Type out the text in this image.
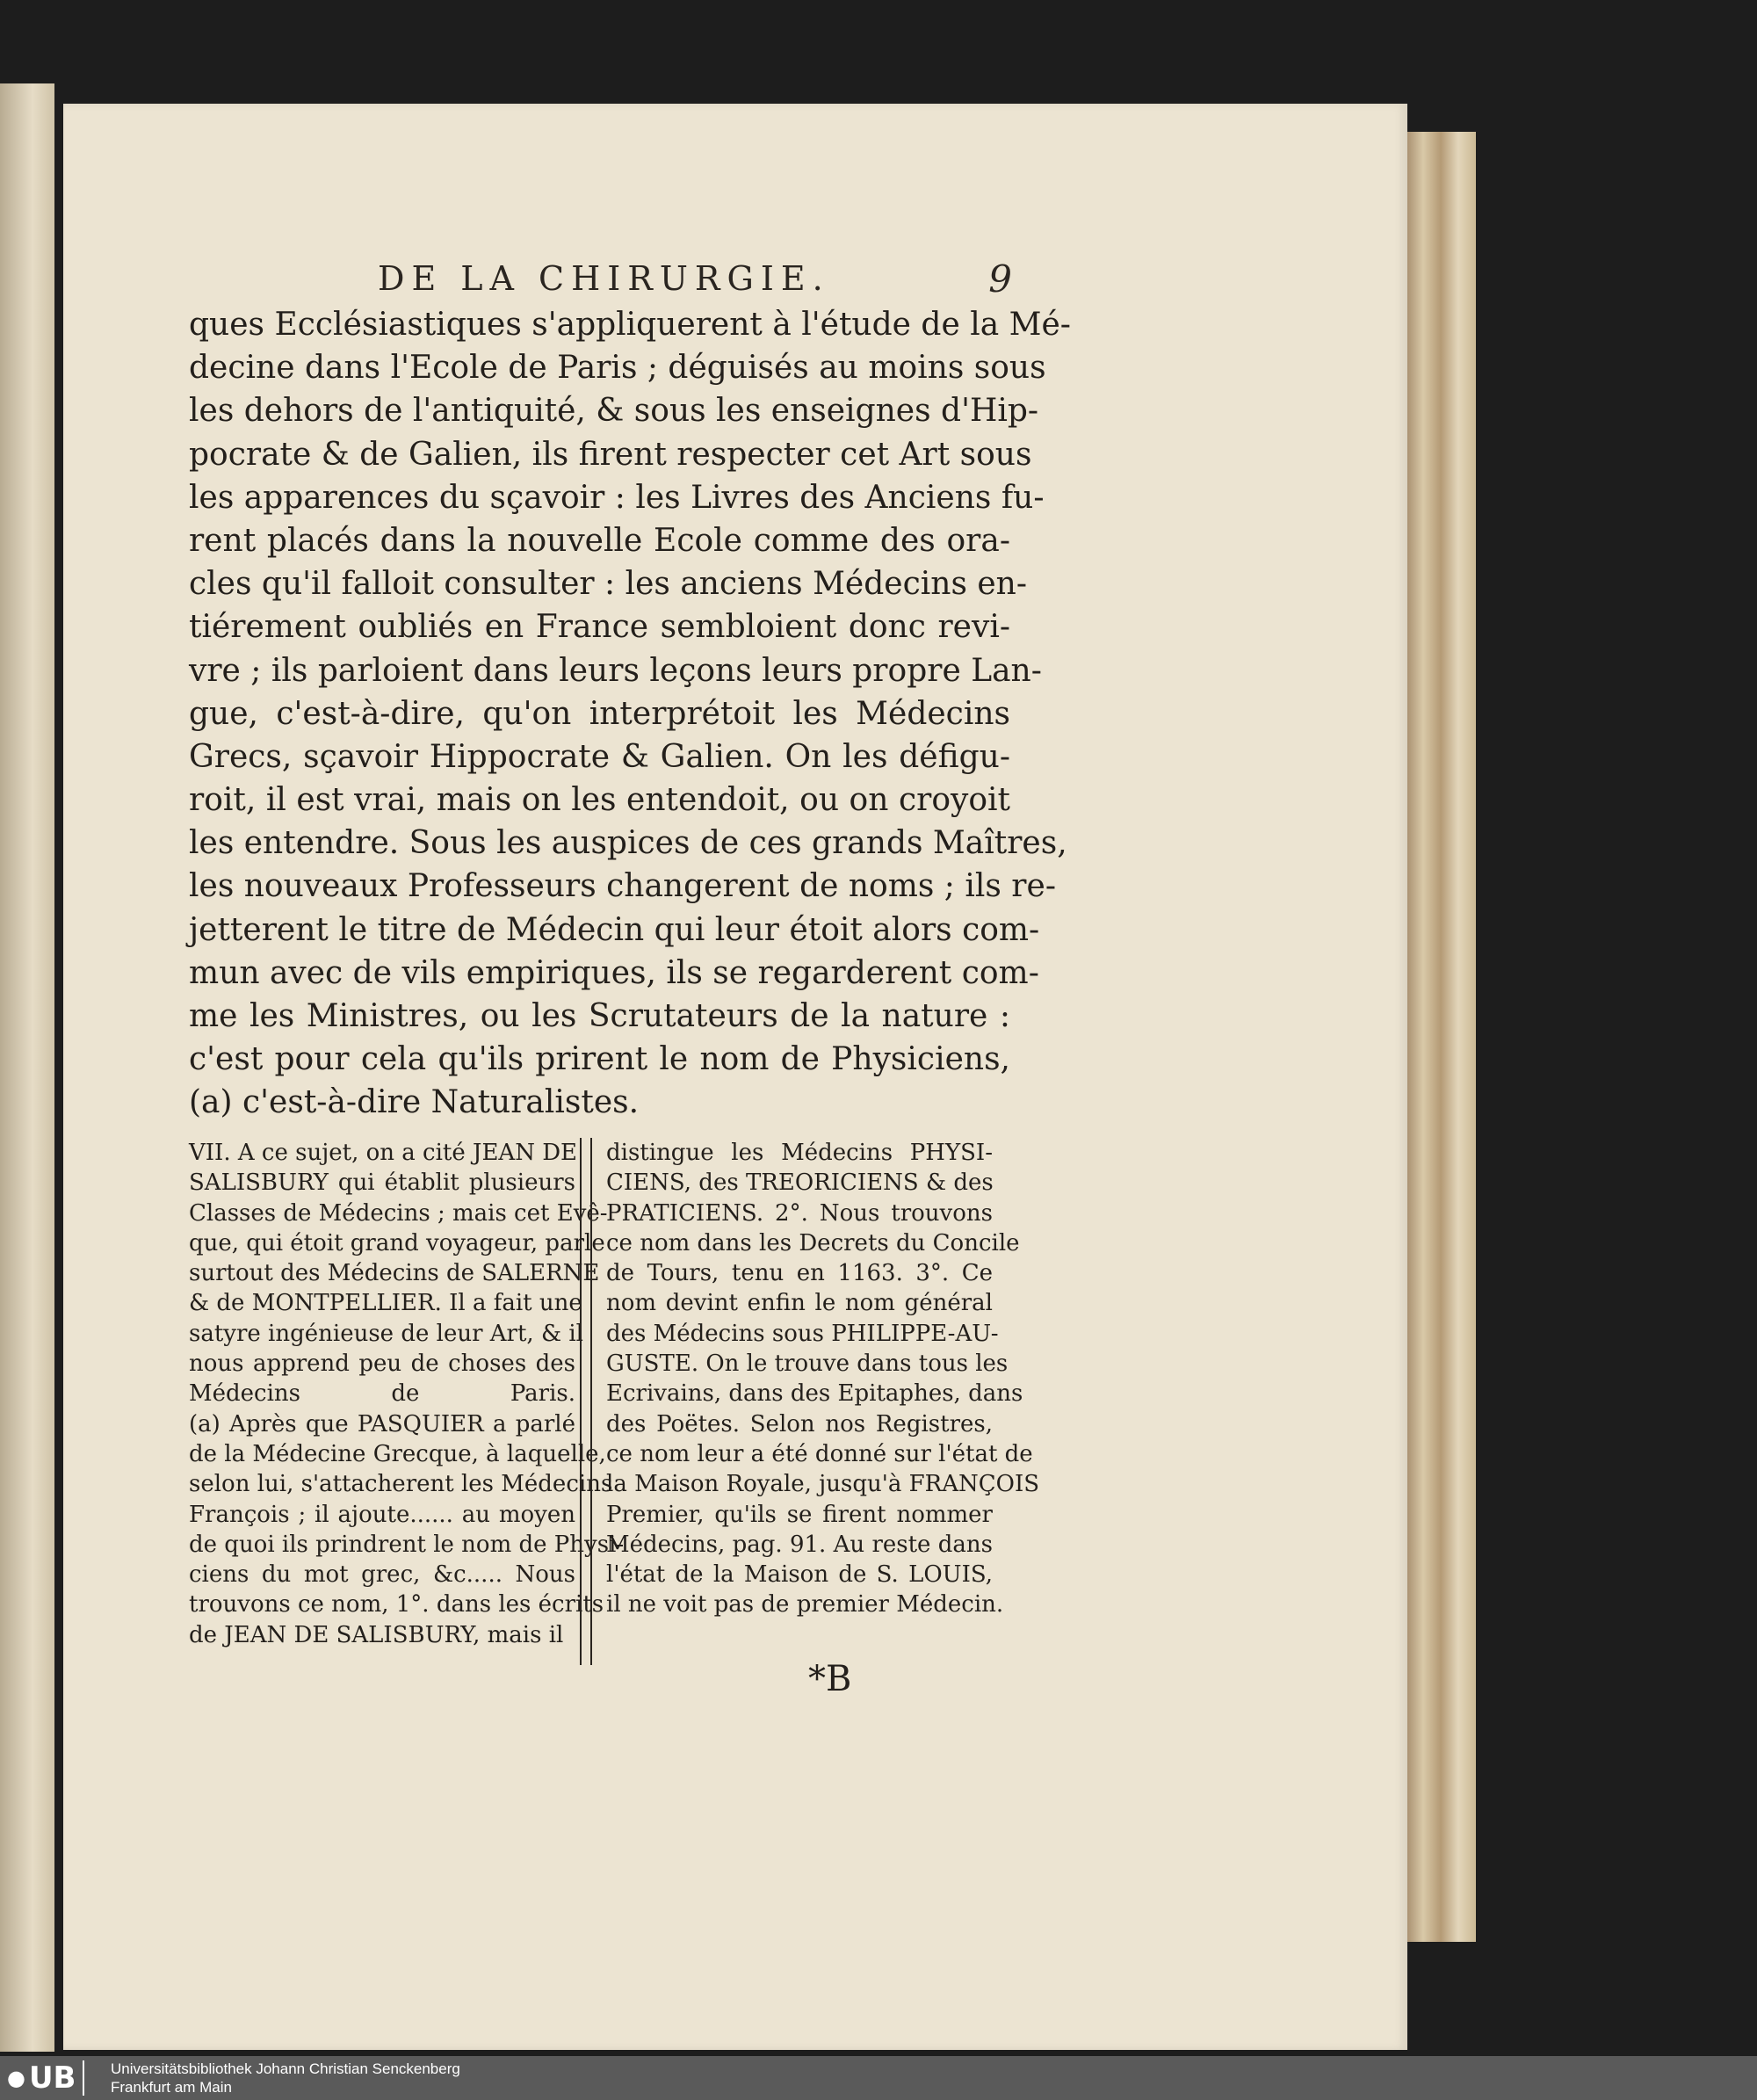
DE LA CHIRURGIE.	9
ques Ecclésiastiques s'appliquerent à l'étude de la Mé-
decine dans l'Ecole de Paris ; déguisés au moins sous
les dehors de l'antiquité, & sous les enseignes d'Hip-
pocrate & de Galien, ils firent respecter cet Art sous
les apparences du sçavoir : les Livres des Anciens fu-
rent placés dans la nouvelle Ecole comme des ora-
cles qu'il falloit consulter : les anciens Médecins en-
tiérement oubliés en France sembloient donc revi-
vre ; ils parloient dans leurs leçons leurs propre Lan-
gue, c'est-à-dire, qu'on interprétoit les Médecins
Grecs, sçavoir Hippocrate & Galien. On les défigu-
roit, il est vrai, mais on les entendoit, ou on croyoit
les entendre. Sous les auspices de ces grands Maîtres,
les nouveaux Professeurs changerent de noms ; ils re-
jetterent le titre de Médecin qui leur étoit alors com-
mun avec de vils empiriques, ils se regarderent com-
me les Ministres, ou les Scrutateurs de la nature :
c'est pour cela qu'ils prirent le nom de Physiciens,
(a) c'est-à-dire Naturalistes.
VII. A ce sujet, on a cité JEAN DE
SALISBURY qui établit plusieurs
Classes de Médecins ; mais cet Evê-
que, qui étoit grand voyageur, parle
surtout des Médecins de SALERNE
& de MONTPELLIER. Il a fait une
satyre ingénieuse de leur Art, & il
nous apprend peu de choses des
Médecins de Paris.
(a) Après que PASQUIER a parlé
de la Médecine Grecque, à laquelle,
selon lui, s'attacherent les Médecins
François ; il ajoute...... au moyen
de quoi ils prindrent le nom de Physi-
ciens du mot grec, &c..... Nous
trouvons ce nom, 1°. dans les écrits
de JEAN DE SALISBURY, mais il
distingue les Médecins PHYSI-
CIENS, des TREORICIENS & des
PRATICIENS. 2°. Nous trouvons
ce nom dans les Decrets du Concile
de Tours, tenu en 1163. 3°. Ce
nom devint enfin le nom général
des Médecins sous PHILIPPE-AU-
GUSTE. On le trouve dans tous les
Ecrivains, dans des Epitaphes, dans
des Poëtes. Selon nos Registres,
ce nom leur a été donné sur l'état de
la Maison Royale, jusqu'à FRANÇOIS
Premier, qu'ils se firent nommer
Médecins, pag. 91. Au reste dans
l'état de la Maison de S. LOUIS,
il ne voit pas de premier Médecin.
*B
● UB	Universitätsbibliothek Johann Christian Senckenberg
Frankfurt am Main
